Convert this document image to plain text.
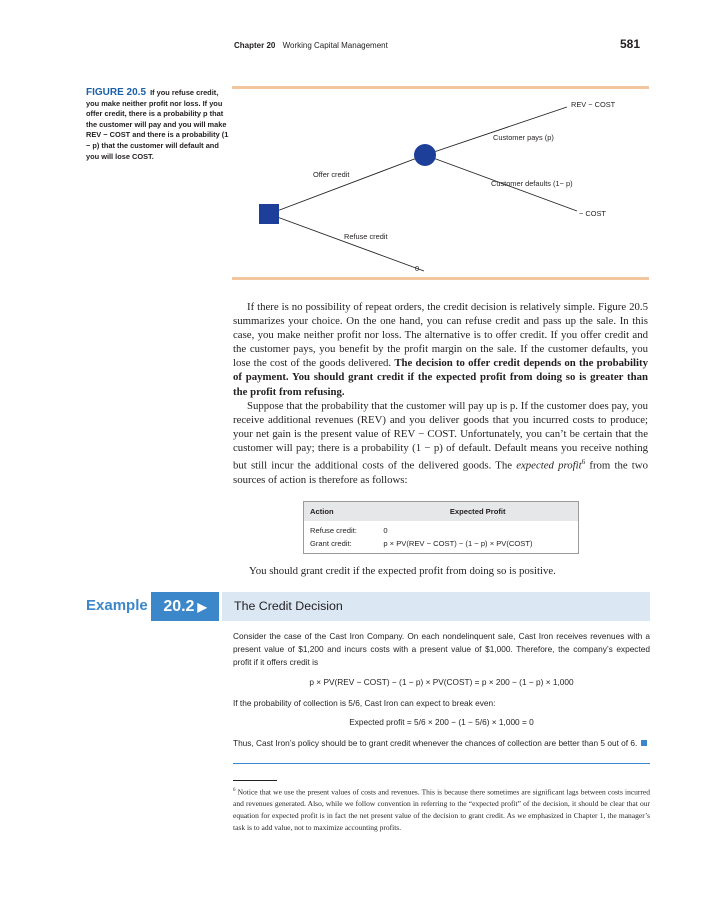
Chapter 20 Working Capital Management	581
FIGURE 20.5 If you refuse credit, you make neither profit nor loss. If you offer credit, there is a probability p that the customer will pay and you will make REV − COST and there is a probability (1 − p) that the customer will default and you will lose COST.
REV − COST
Customer pays (p)
Offer credit
Customer defaults (1− p)
− COST
Refuse credit
0

If there is no possibility of repeat orders, the credit decision is relatively simple. Figure 20.5 summarizes your choice. On the one hand, you can refuse credit and pass up the sale. In this case, you make neither profit nor loss. The alternative is to offer credit. If you offer credit and the customer pays, you benefit by the profit margin on the sale. If the customer defaults, you lose the cost of the goods delivered. The decision to offer credit depends on the probability of payment. You should grant credit if the expected profit from doing so is greater than the profit from refusing.

Suppose that the probability that the customer will pay up is p. If the customer does pay, you receive additional revenues (REV) and you deliver goods that you incurred costs to produce; your net gain is the present value of REV − COST. Unfortunately, you can’t be certain that the customer will pay; there is a probability (1 − p) of default. Default means you receive nothing but still incur the additional costs of the delivered goods. The expected profit$^6$ from the two sources of action is therefore as follows:

Action	Expected Profit
Refuse credit:	0
Grant credit:	p × PV(REV − COST) − (1 − p) × PV(COST)
You should grant credit if the expected profit from doing so is positive.
Example 20.2 ▶ The Credit Decision

Consider the case of the Cast Iron Company. On each nondelinquent sale, Cast Iron receives revenues with a present value of $1,200 and incurs costs with a present value of $1,000. Therefore, the company’s expected profit if it offers credit is

p × PV(REV − COST) − (1 − p) × PV(COST) = p × 200 − (1 − p) × 1,000

If the probability of collection is 5/6, Cast Iron can expect to break even:

Expected profit = 5/6 × 200 − (1 − 5/6) × 1,000 = 0

Thus, Cast Iron’s policy should be to grant credit whenever the chances of collection are better than 5 out of 6.

$^6$ Notice that we use the present values of costs and revenues. This is because there sometimes are significant lags between costs incurred and revenues generated. Also, while we follow convention in referring to the “expected profit” of the decision, it should be clear that our equation for expected profit is in fact the net present value of the decision to grant credit. As we emphasized in Chapter 1, the manager’s task is to add value, not to maximize accounting profits.
